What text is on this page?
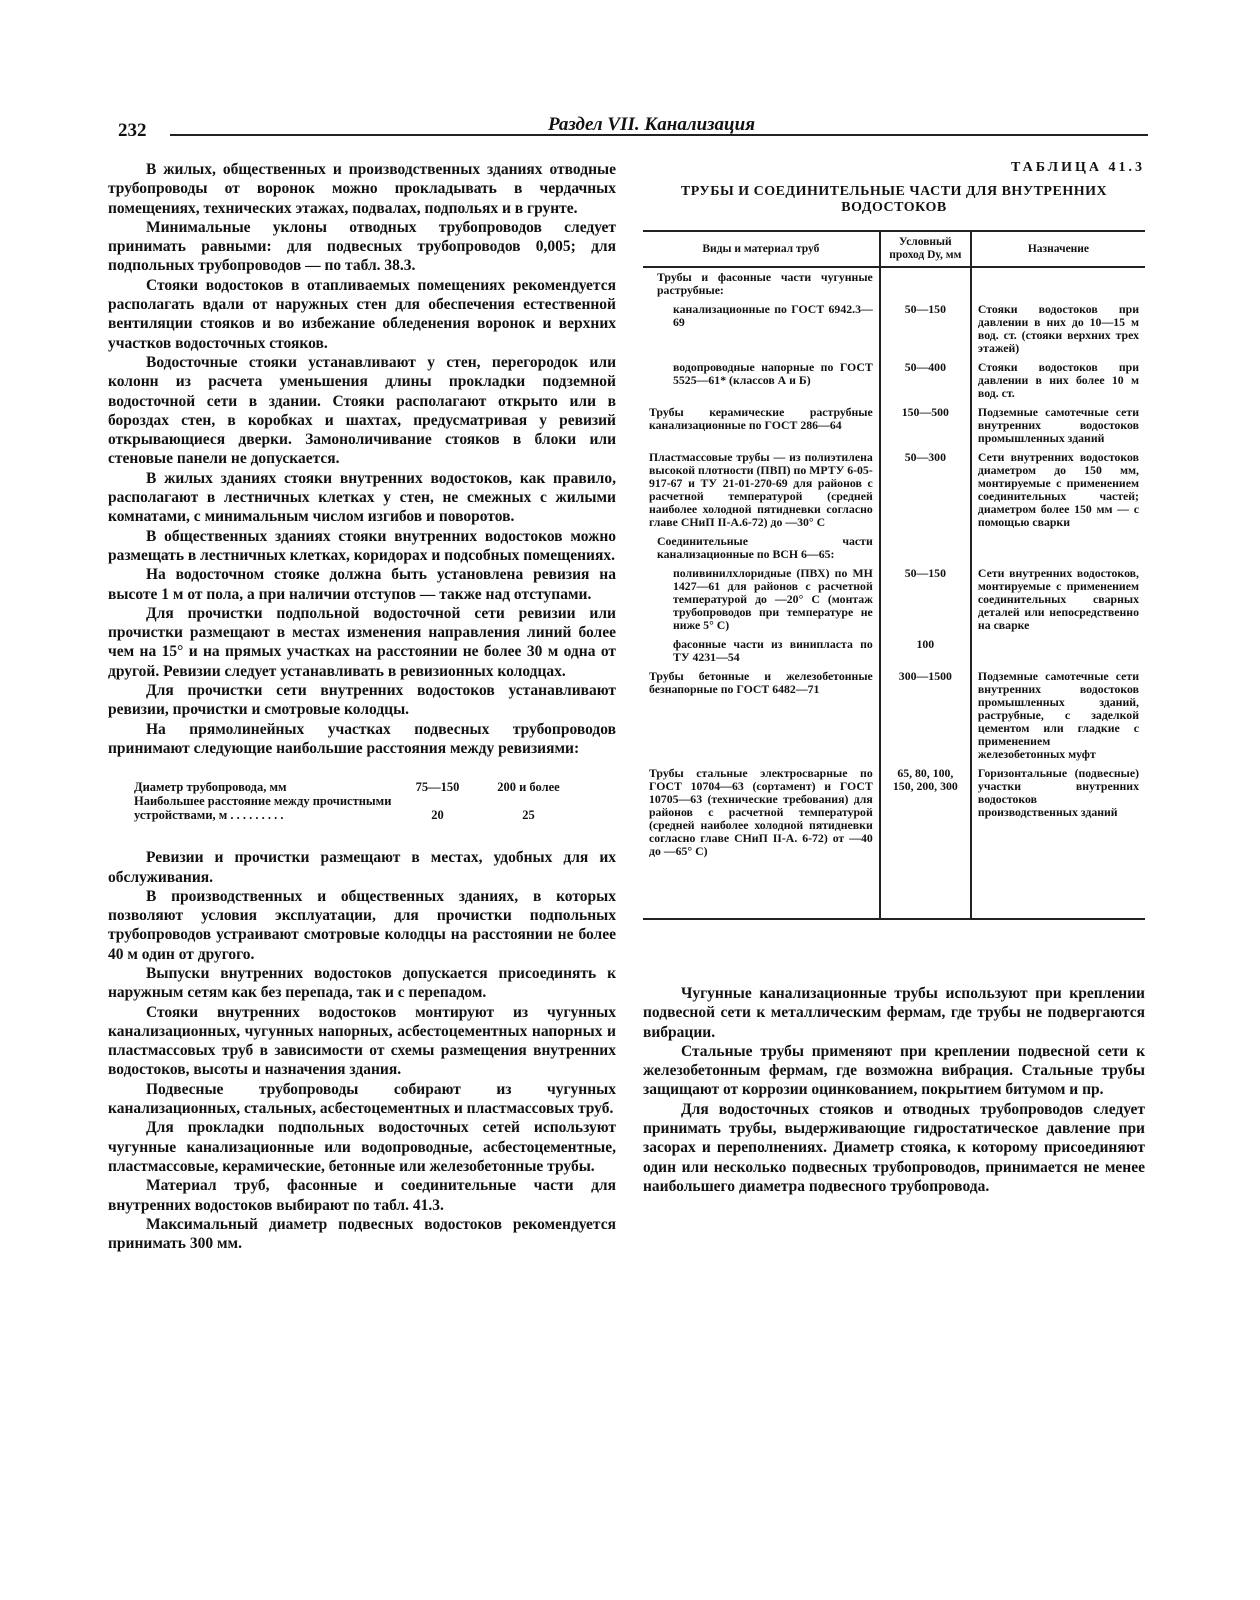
232	Раздел VII. Канализация

В жилых, общественных и производственных зданиях отводные трубопроводы от воронок можно прокладывать в чердачных помещениях, технических этажах, подвалах, подпольях и в грунте.

Минимальные уклоны отводных трубопроводов следует принимать равными: для подвесных трубопроводов 0,005; для подпольных трубопроводов — по табл. 38.3.

Стояки водостоков в отапливаемых помещениях рекомендуется располагать вдали от наружных стен для обеспечения естественной вентиляции стояков и во избежание обледенения воронок и верхних участков водосточных стояков.

Водосточные стояки устанавливают у стен, перегородок или колонн из расчета уменьшения длины прокладки подземной водосточной сети в здании. Стояки располагают открыто или в бороздах стен, в коробках и шахтах, предусматривая у ревизий открывающиеся дверки. Замоноличивание стояков в блоки или стеновые панели не допускается.

В жилых зданиях стояки внутренних водостоков, как правило, располагают в лестничных клетках у стен, не смежных с жилыми комнатами, с минимальным числом изгибов и поворотов.

В общественных зданиях стояки внутренних водостоков можно размещать в лестничных клетках, коридорах и подсобных помещениях.

На водосточном стояке должна быть установлена ревизия на высоте 1 м от пола, а при наличии отступов — также над отступами.

Для прочистки подпольной водосточной сети ревизии или прочистки размещают в местах изменения направления линий более чем на 15° и на прямых участках на расстоянии не более 30 м одна от другой. Ревизии следует устанавливать в ревизионных колодцах.

Для прочистки сети внутренних водостоков устанавливают ревизии, прочистки и смотровые колодцы.

На прямолинейных участках подвесных трубопроводов принимают следующие наибольшие расстояния между ревизиями:

Диаметр трубопровода, мм	75—150	200 и более
Наибольшее расстояние между прочистными устройствами, м . . . . . . . . .	20	25

Ревизии и прочистки размещают в местах, удобных для их обслуживания.

В производственных и общественных зданиях, в которых позволяют условия эксплуатации, для прочистки подпольных трубопроводов устраивают смотровые колодцы на расстоянии не более 40 м один от другого.

Выпуски внутренних водостоков допускается присоединять к наружным сетям как без перепада, так и с перепадом.

Стояки внутренних водостоков монтируют из чугунных канализационных, чугунных напорных, асбестоцементных напорных и пластмассовых труб в зависимости от схемы размещения внутренних водостоков, высоты и назначения здания.

Подвесные трубопроводы собирают из чугунных канализационных, стальных, асбестоцементных и пластмассовых труб.

Для прокладки подпольных водосточных сетей используют чугунные канализационные или водопроводные, асбестоцементные, пластмассовые, керамические, бетонные или железобетонные трубы.

Материал труб, фасонные и соединительные части для внутренних водостоков выбирают по табл. 41.3.

Максимальный диаметр подвесных водостоков рекомендуется принимать 300 мм.

ТАБЛИЦА 41.3
ТРУБЫ И СОЕДИНИТЕЛЬНЫЕ ЧАСТИ ДЛЯ ВНУТРЕННИХ ВОДОСТОКОВ
Виды и материал труб	Условный проход Dу, мм	Назначение
Трубы и фасонные части чугунные раструбные:		
канализационные по ГОСТ 6942.3—69	50—150	Стояки водостоков при давлении в них до 10—15 м вод. ст. (стояки верхних трех этажей)
водопроводные напорные по ГОСТ 5525—61* (классов А и Б)	50—400	Стояки водостоков при давлении в них более 10 м вод. ст.
Трубы керамические раструбные канализационные по ГОСТ 286—64	150—500	Подземные самотечные сети внутренних водостоков промышленных зданий
Пластмассовые трубы — из полиэтилена высокой плотности (ПВП) по МРТУ 6-05-917-67 и ТУ 21-01-270-69 для районов с расчетной температурой (средней наиболее холодной пятидневки согласно главе СНиП II-А.6-72) до —30° С	50—300	Сети внутренних водостоков диаметром до 150 мм, монтируемые с применением соединительных частей; диаметром более 150 мм — с помощью сварки
Соединительные части канализационные по ВСН 6—65:		
поливинилхлоридные (ПВХ) по МН 1427—61 для районов с расчетной температурой до —20° С (монтаж трубопроводов при температуре не ниже 5° С)	50—150	Сети внутренних водостоков, монтируемые с применением соединительных сварных деталей или непосредственно на сварке
фасонные части из винипласта по ТУ 4231—54	100	
Трубы бетонные и железобетонные безнапорные по ГОСТ 6482—71	300—1500	Подземные самотечные сети внутренних водостоков промышленных зданий, раструбные, с заделкой цементом или гладкие с применением железобетонных муфт
Трубы стальные электросварные по ГОСТ 10704—63 (сортамент) и ГОСТ 10705—63 (технические требования) для районов с расчетной температурой (средней наиболее холодной пятидневки согласно главе СНиП II-А. 6-72) от —40 до —65° С)	65, 80, 100, 150, 200, 300	Горизонтальные (подвесные) участки внутренних водостоков производственных зданий

Чугунные канализационные трубы используют при креплении подвесной сети к металлическим фермам, где трубы не подвергаются вибрации.

Стальные трубы применяют при креплении подвесной сети к железобетонным фермам, где возможна вибрация. Стальные трубы защищают от коррозии оцинкованием, покрытием битумом и пр.

Для водосточных стояков и отводных трубопроводов следует принимать трубы, выдерживающие гидростатическое давление при засорах и переполнениях. Диаметр стояка, к которому присоединяют один или несколько подвесных трубопроводов, принимается не менее наибольшего диаметра подвесного трубопровода.
